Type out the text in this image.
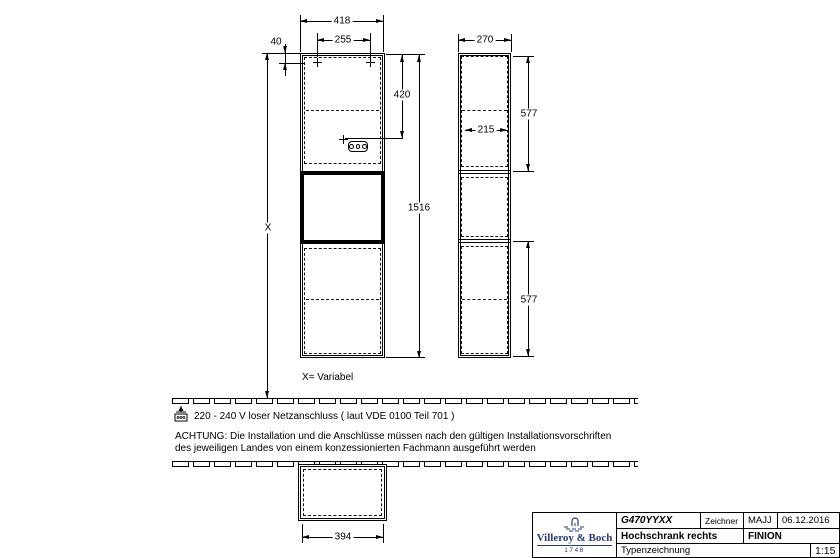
418
255
40
X
420
1516
X= Variabel
270
215
577
577
220 - 240 V loser Netzanschluss ( laut VDE 0100 Teil 701 )
ACHTUNG: Die Installation und die Anschlüsse müssen nach den gültigen Installationsvorschriften
des jeweiligen Landes von einem konzessionierten Fachmann ausgeführt werden
394	Villeroy & Boch
1748
G470YYXX	Zeichner	MAJJ	06.12.2016
Hochschrank rechts	FINION
Typenzeichnung	1:15
